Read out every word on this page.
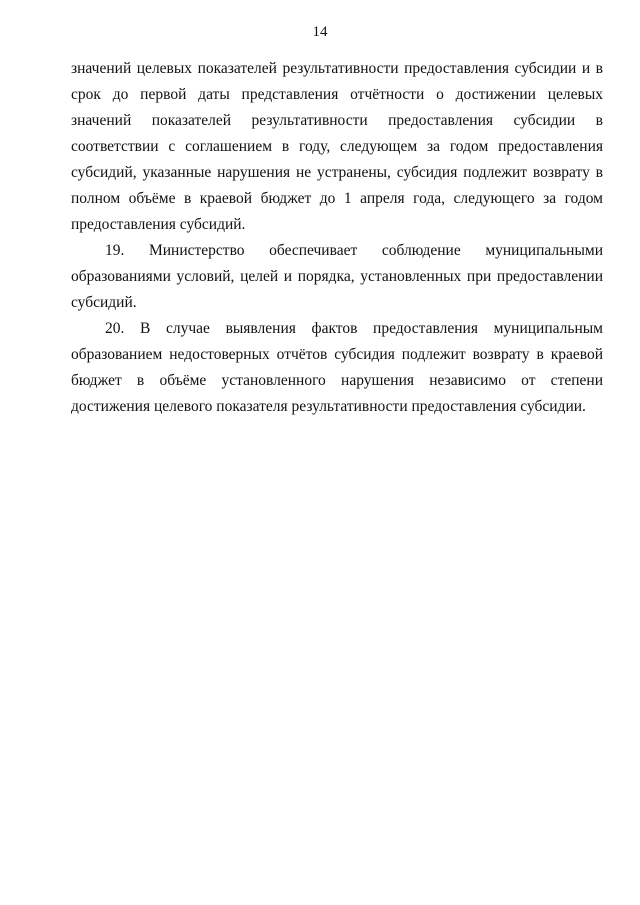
14

значений целевых показателей результативности предоставления субсидии и в срок до первой даты представления отчётности о достижении целевых значений показателей результативности предоставления субсидии в соответствии с соглашением в году, следующем за годом предоставления субсидий, указанные нарушения не устранены, субсидия подлежит возврату в полном объёме в краевой бюджет до 1 апреля года, следующего за годом предоставления субсидий.

19. Министерство обеспечивает соблюдение муниципальными образованиями условий, целей и порядка, установленных при предоставлении субсидий.

20. В случае выявления фактов предоставления муниципальным образованием недостоверных отчётов субсидия подлежит возврату в краевой бюджет в объёме установленного нарушения независимо от степени достижения целевого показателя результативности предоставления субсидии.
